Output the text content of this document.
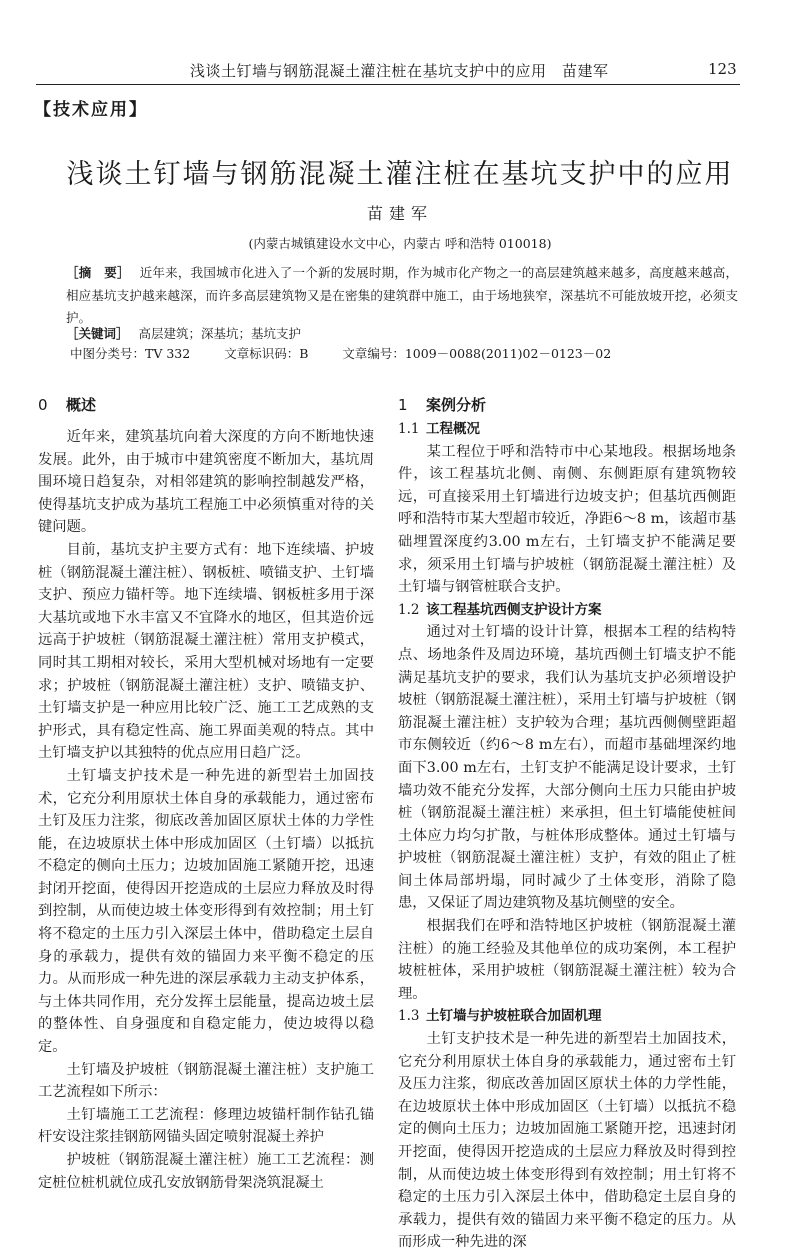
浅谈土钉墙与钢筋混凝土灌注桩在基坑支护中的应用　苗建军	123
【技术应用】
浅谈土钉墙与钢筋混凝土灌注桩在基坑支护中的应用
苗建军
(内蒙古城镇建设水文中心，内蒙古 呼和浩特 010018)
［摘　要］ 近年来，我国城市化进入了一个新的发展时期，作为城市化产物之一的高层建筑越来越多，高度越来越高，相应基坑支护越来越深，而许多高层建筑物又是在密集的建筑群中施工，由于场地狭窄，深基坑不可能放坡开挖，必须支护。
［关键词］ 高层建筑；深基坑；基坑支护
中图分类号：TV 332	文章标识码：B	文章编号：1009－0088(2011)02－0123－02
0 概述

近年来，建筑基坑向着大深度的方向不断地快速发展。此外，由于城市中建筑密度不断加大，基坑周围环境日趋复杂，对相邻建筑的影响控制越发严格，使得基坑支护成为基坑工程施工中必须慎重对待的关键问题。

目前，基坑支护主要方式有：地下连续墙、护坡桩（钢筋混凝土灌注桩）、钢板桩、喷锚支护、土钉墙支护、预应力锚杆等。地下连续墙、钢板桩多用于深大基坑或地下水丰富又不宜降水的地区，但其造价远远高于护坡桩（钢筋混凝土灌注桩）常用支护模式，同时其工期相对较长，采用大型机械对场地有一定要求；护坡桩（钢筋混凝土灌注桩）支护、喷锚支护、土钉墙支护是一种应用比较广泛、施工工艺成熟的支护形式，具有稳定性高、施工界面美观的特点。其中土钉墙支护以其独特的优点应用日趋广泛。

土钉墙支护技术是一种先进的新型岩土加固技术，它充分利用原状土体自身的承载能力，通过密布土钉及压力注浆，彻底改善加固区原状土体的力学性能，在边坡原状土体中形成加固区（土钉墙）以抵抗不稳定的侧向土压力；边坡加固施工紧随开挖，迅速封闭开挖面，使得因开挖造成的土层应力释放及时得到控制，从而使边坡土体变形得到有效控制；用土钉将不稳定的土压力引入深层土体中，借助稳定土层自身的承载力，提供有效的锚固力来平衡不稳定的压力。从而形成一种先进的深层承载力主动支护体系，与土体共同作用，充分发挥土层能量，提高边坡土层的整体性、自身强度和自稳定能力，使边坡得以稳定。

土钉墙及护坡桩（钢筋混凝土灌注桩）支护施工工艺流程如下所示：

土钉墙施工工艺流程：修理边坡锚杆制作钻孔锚杆安设注浆挂钢筋网锚头固定喷射混凝土养护

护坡桩（钢筋混凝土灌注桩）施工工艺流程：测定桩位桩机就位成孔安放钢筋骨架浇筑混凝土

1 案例分析
1.1 工程概况

某工程位于呼和浩特市中心某地段。根据场地条件，该工程基坑北侧、南侧、东侧距原有建筑物较远，可直接采用土钉墙进行边坡支护；但基坑西侧距呼和浩特市某大型超市较近，净距6～8 m，该超市基础埋置深度约3.00 m左右，土钉墙支护不能满足要求，须采用土钉墙与护坡桩（钢筋混凝土灌注桩）及土钉墙与钢管桩联合支护。

1.2 该工程基坑西侧支护设计方案

通过对土钉墙的设计计算，根据本工程的结构特点、场地条件及周边环境，基坑西侧土钉墙支护不能满足基坑支护的要求，我们认为基坑支护必须增设护坡桩（钢筋混凝土灌注桩），采用土钉墙与护坡桩（钢筋混凝土灌注桩）支护较为合理；基坑西侧侧壁距超市东侧较近（约6～8 m左右），而超市基础埋深约地面下3.00 m左右，土钉支护不能满足设计要求，土钉墙功效不能充分发挥，大部分侧向土压力只能由护坡桩（钢筋混凝土灌注桩）来承担，但土钉墙能使桩间土体应力均匀扩散，与桩体形成整体。通过土钉墙与护坡桩（钢筋混凝土灌注桩）支护，有效的阻止了桩间土体局部坍塌，同时减少了土体变形，消除了隐患，又保证了周边建筑物及基坑侧壁的安全。

根据我们在呼和浩特地区护坡桩（钢筋混凝土灌注桩）的施工经验及其他单位的成功案例，本工程护坡桩桩体，采用护坡桩（钢筋混凝土灌注桩）较为合理。

1.3 土钉墙与护坡桩联合加固机理

土钉支护技术是一种先进的新型岩土加固技术，它充分利用原状土体自身的承载能力，通过密布土钉及压力注浆，彻底改善加固区原状土体的力学性能，在边坡原状土体中形成加固区（土钉墙）以抵抗不稳定的侧向土压力；边坡加固施工紧随开挖，迅速封闭开挖面，使得因开挖造成的土层应力释放及时得到控制，从而使边坡土体变形得到有效控制；用土钉将不稳定的土压力引入深层土体中，借助稳定土层自身的承载力，提供有效的锚固力来平衡不稳定的压力。从而形成一种先进的深
